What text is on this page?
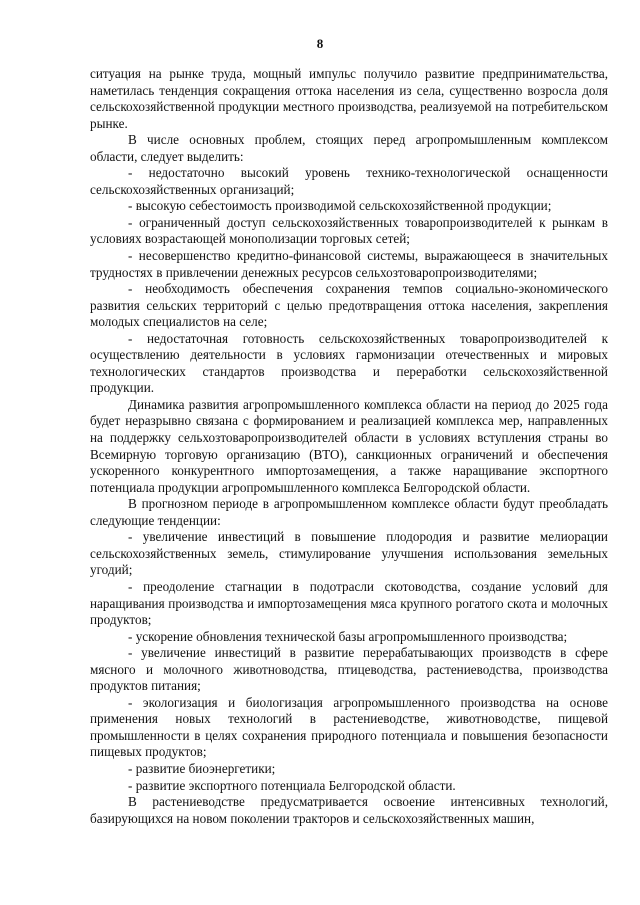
8

ситуация на рынке труда, мощный импульс получило развитие предпринимательства, наметилась тенденция сокращения оттока населения из села, существенно возросла доля сельскохозяйственной продукции местного производства, реализуемой на потребительском рынке.

В числе основных проблем, стоящих перед агропромышленным комплексом области, следует выделить:

- недостаточно высокий уровень технико-технологической оснащенности сельскохозяйственных организаций;

- высокую себестоимость производимой сельскохозяйственной продукции;

- ограниченный доступ сельскохозяйственных товаропроизводителей к рынкам в условиях возрастающей монополизации торговых сетей;

- несовершенство кредитно-финансовой системы, выражающееся в значительных трудностях в привлечении денежных ресурсов сельхозтоваропроизводителями;

- необходимость обеспечения сохранения темпов социально-экономического развития сельских территорий с целью предотвращения оттока населения, закрепления молодых специалистов на селе;

- недостаточная готовность сельскохозяйственных товаропроизводителей к осуществлению деятельности в условиях гармонизации отечественных и мировых технологических стандартов производства и переработки сельскохозяйственной продукции.

Динамика развития агропромышленного комплекса области на период до 2025 года будет неразрывно связана с формированием и реализацией комплекса мер, направленных на поддержку сельхозтоваропроизводителей области в условиях вступления страны во Всемирную торговую организацию (ВТО), санкционных ограничений и обеспечения ускоренного конкурентного импортозамещения, а также наращивание экспортного потенциала продукции агропромышленного комплекса Белгородской области.

В прогнозном периоде в агропромышленном комплексе области будут преобладать следующие тенденции:

- увеличение инвестиций в повышение плодородия и развитие мелиорации сельскохозяйственных земель, стимулирование улучшения использования земельных угодий;

- преодоление стагнации в подотрасли скотоводства, создание условий для наращивания производства и импортозамещения мяса крупного рогатого скота и молочных продуктов;

- ускорение обновления технической базы агропромышленного производства;

- увеличение инвестиций в развитие перерабатывающих производств в сфере мясного и молочного животноводства, птицеводства, растениеводства, производства продуктов питания;

- экологизация и биологизация агропромышленного производства на основе применения новых технологий в растениеводстве, животноводстве, пищевой промышленности в целях сохранения природного потенциала и повышения безопасности пищевых продуктов;

- развитие биоэнергетики;

- развитие экспортного потенциала Белгородской области.

В растениеводстве предусматривается освоение интенсивных технологий, базирующихся на новом поколении тракторов и сельскохозяйственных машин,
